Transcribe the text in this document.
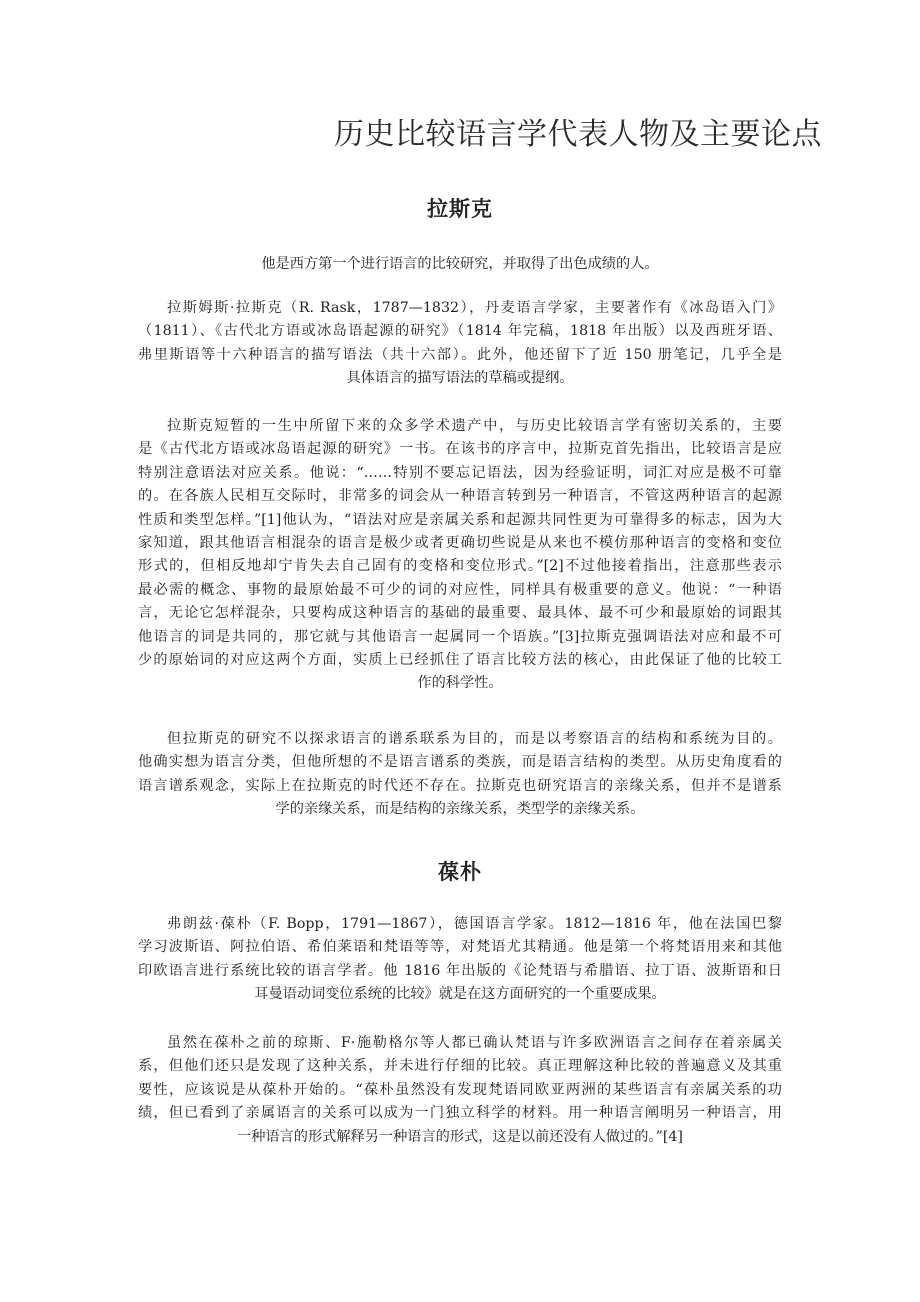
历史比较语言学代表人物及主要论点
拉斯克
他是西方第一个进行语言的比较研究，并取得了出色成绩的人。
拉斯姆斯·拉斯克（R. Rask，1787—1832），丹麦语言学家，主要著作有《冰岛语入门》
（1811）、《古代北方语或冰岛语起源的研究》（1814 年完稿，1818 年出版）以及西班牙语、
弗里斯语等十六种语言的描写语法（共十六部）。此外，他还留下了近 150 册笔记，几乎全是
具体语言的描写语法的草稿或提纲。
拉斯克短暂的一生中所留下来的众多学术遗产中，与历史比较语言学有密切关系的，主要
是《古代北方语或冰岛语起源的研究》一书。在该书的序言中，拉斯克首先指出，比较语言是应
特别注意语法对应关系。他说：“……特别不要忘记语法，因为经验证明，词汇对应是极不可靠
的。在各族人民相互交际时，非常多的词会从一种语言转到另一种语言，不管这两种语言的起源
性质和类型怎样。”[1]他认为，“语法对应是亲属关系和起源共同性更为可靠得多的标志，因为大
家知道，跟其他语言相混杂的语言是极少或者更确切些说是从来也不模仿那种语言的变格和变位
形式的，但相反地却宁肯失去自己固有的变格和变位形式。”[2]不过他接着指出，注意那些表示
最必需的概念、事物的最原始最不可少的词的对应性，同样具有极重要的意义。他说：“一种语
言，无论它怎样混杂，只要构成这种语言的基础的最重要、最具体、最不可少和最原始的词跟其
他语言的词是共同的，那它就与其他语言一起属同一个语族。”[3]拉斯克强调语法对应和最不可
少的原始词的对应这两个方面，实质上已经抓住了语言比较方法的核心，由此保证了他的比较工
作的科学性。
但拉斯克的研究不以探求语言的谱系联系为目的，而是以考察语言的结构和系统为目的。
他确实想为语言分类，但他所想的不是语言谱系的类族，而是语言结构的类型。从历史角度看的
语言谱系观念，实际上在拉斯克的时代还不存在。拉斯克也研究语言的亲缘关系，但并不是谱系
学的亲缘关系，而是结构的亲缘关系，类型学的亲缘关系。
葆朴
弗朗兹·葆朴（F. Bopp，1791—1867），德国语言学家。1812—1816 年，他在法国巴黎
学习波斯语、阿拉伯语、希伯莱语和梵语等等，对梵语尤其精通。他是第一个将梵语用来和其他
印欧语言进行系统比较的语言学者。他 1816 年出版的《论梵语与希腊语、拉丁语、波斯语和日
耳曼语动词变位系统的比较》就是在这方面研究的一个重要成果。
虽然在葆朴之前的琼斯、F·施勒格尔等人都已确认梵语与许多欧洲语言之间存在着亲属关
系，但他们还只是发现了这种关系，并未进行仔细的比较。真正理解这种比较的普遍意义及其重
要性，应该说是从葆朴开始的。“葆朴虽然没有发现梵语同欧亚两洲的某些语言有亲属关系的功
绩，但已看到了亲属语言的关系可以成为一门独立科学的材料。用一种语言阐明另一种语言，用
一种语言的形式解释另一种语言的形式，这是以前还没有人做过的。”[4]
